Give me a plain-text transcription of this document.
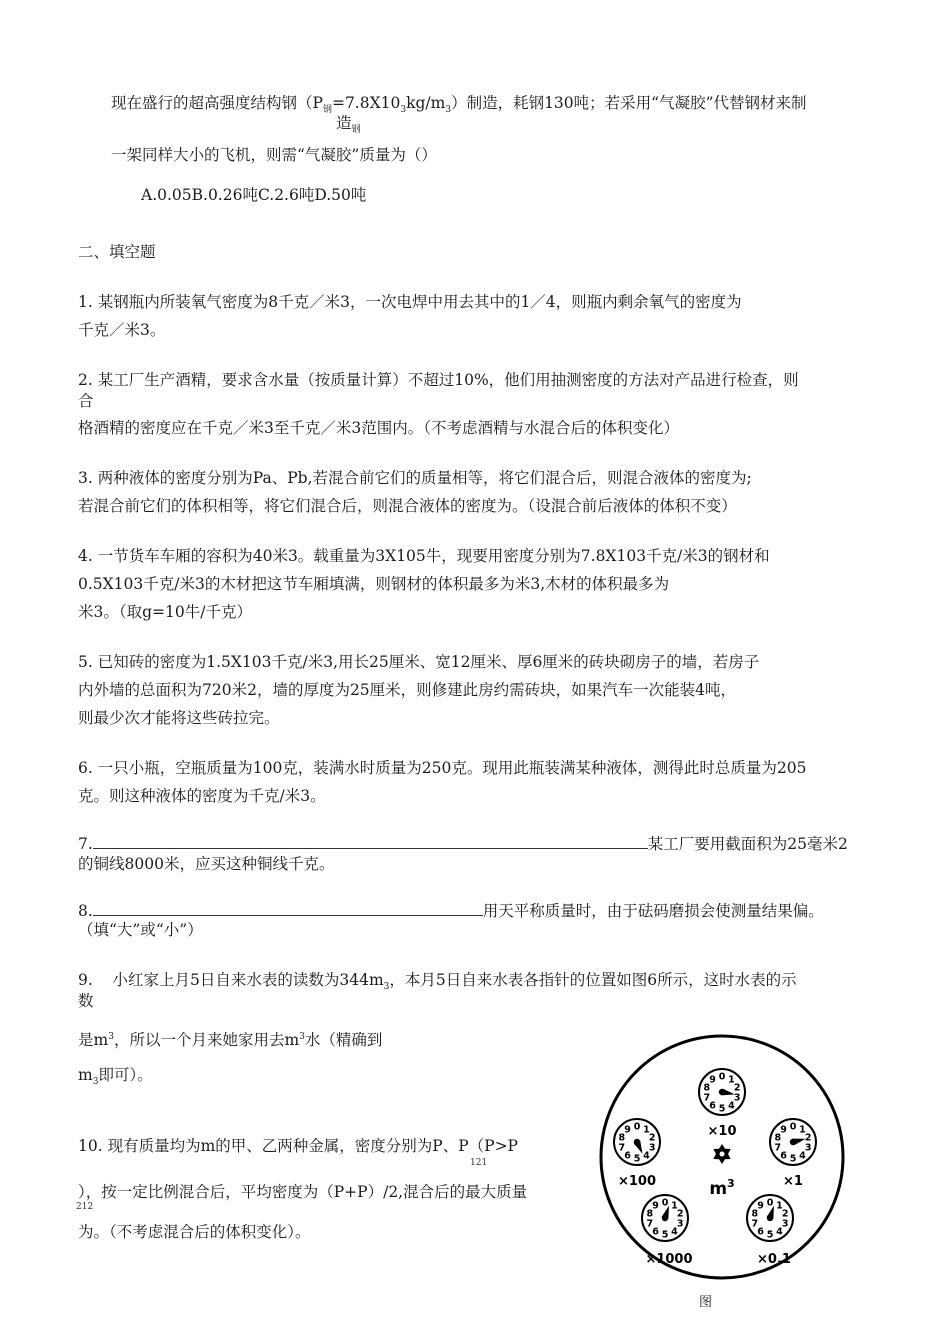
现在盛行的超高强度结构钢$(P_钢=7.8X10_3kg/m_3)$制造，耗钢130吨；若采用“气凝胶”代替钢材来制
造$_钢$
一架同样大小的飞机，则需“气凝胶”质量为（）
A.0.05B.0.26吨C.2.6吨D.50吨
二、填空题
1. 某钢瓶内所装氧气密度为8千克／米3，一次电焊中用去其中的1／4，则瓶内剩余氧气的密度为
千克／米3。
2. 某工厂生产酒精，要求含水量（按质量计算）不超过10%，他们用抽测密度的方法对产品进行检查，则
合
格酒精的密度应在千克／米3至千克／米3范围内。（不考虑酒精与水混合后的体积变化）
3. 两种液体的密度分别为Pa、Pb,若混合前它们的质量相等，将它们混合后，则混合液体的密度为;
若混合前它们的体积相等，将它们混合后，则混合液体的密度为。（设混合前后液体的体积不变）
4. 一节货车车厢的容积为40米3。载重量为3X105牛，现要用密度分别为7.8X103千克/米3的钢材和
0.5X103千克/米3的木材把这节车厢填满，则钢材的体积最多为米3,木材的体积最多为
米3。（取g=10牛/千克）
5. 已知砖的密度为1.5X103千克/米3,用长25厘米、宽12厘米、厚6厘米的砖块砌房子的墙，若房子
内外墙的总面积为720米2，墙的厚度为25厘米，则修建此房约需砖块，如果汽车一次能装4吨，
则最少次才能将这些砖拉完。
6. 一只小瓶，空瓶质量为100克，装满水时质量为250克。现用此瓶装满某种液体，测得此时总质量为205
克。则这种液体的密度为千克/米3。
7.	某工厂要用截面积为25毫米2
的铜线8000米，应买这种铜线千克。
8.	用天平称质量时，由于砝码磨损会使测量结果偏。
（填“大”或“小”）
9. 小红家上月5日自来水表的读数为$344m_3$，本月5日自来水表各指针的位置如图6所示，这时水表的示
数
是$m^3$，所以一个月来她家用去$m^3$水（精确到
$m_3$即可）。
10. 现有质量均为m的甲、乙两种金属，密度分别为P、P（P>P
121
），按一定比例混合后，平均密度为（P+P）/2,混合后的最大质量
212
为。（不考虑混合后的体积变化）。
9 0 1
2
3
4
5
6
7
8
×10
9 0 1
2
3
4
5
6
7
8
×100
9 0 1
2
3
4
5
6
7
8
×1
9 0 1
2
3
4
5
6
7
8
×1000
9 0 1
2
3
4
5
6
7
8
×0.1
$m^3$
图
